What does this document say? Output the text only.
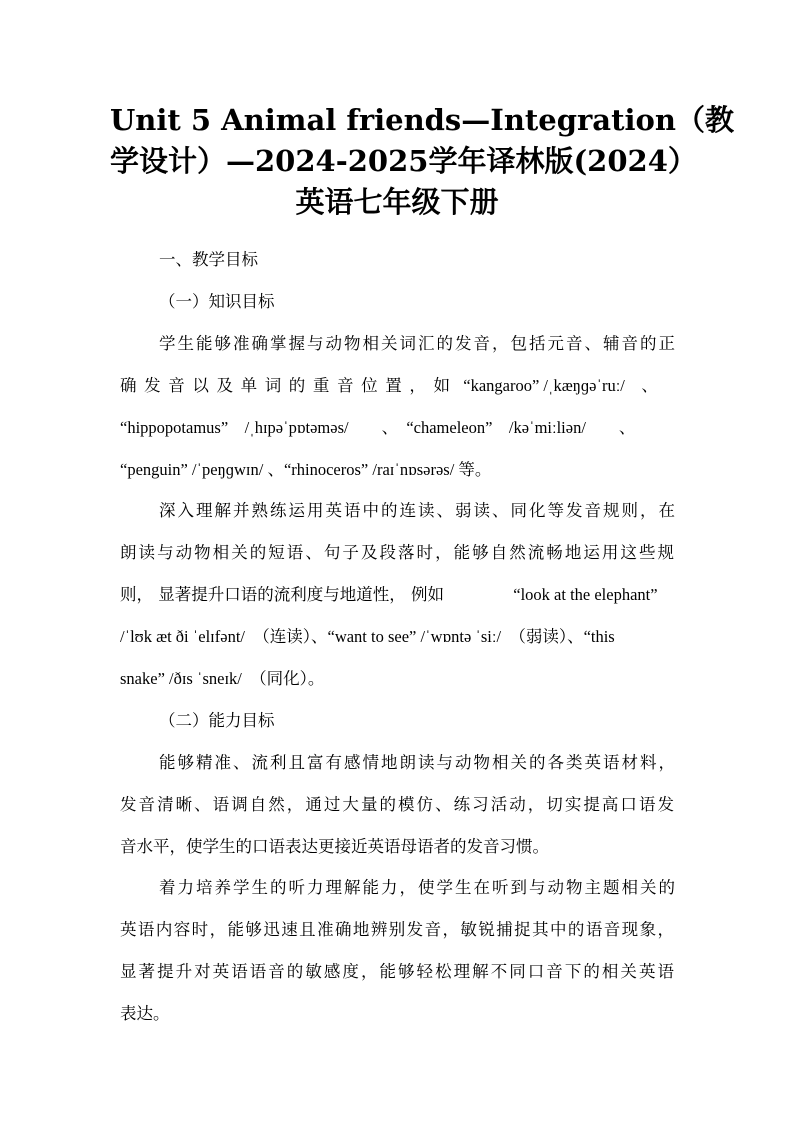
Unit 5 Animal friends—Integration（教
学设计）—2024-2025学年译林版(2024）
英语七年级下册

一、教学目标

（一）知识目标

学生能够准确掌握与动物相关词汇的发音，包括元音、辅音的正

确 发 音 以 及 单 词 的 重 音 位 置 ， 如 “kangaroo” /ˌkæŋɡəˈruː/　、

“hippopotamus”　/ˌhɪpəˈpɒtəməs/　　、　“chameleon”　/kəˈmiːliən/　　、

“penguin” /ˈpeŋɡwɪn/ 、“rhinoceros” /raɪˈnɒsərəs/ 等。

深入理解并熟练运用英语中的连读、弱读、同化等发音规则，在

朗读与动物相关的短语、句子及段落时，能够自然流畅地运用这些规

则， 显著提升口语的流利度与地道性， 例如	“look at the elephant”

/ˈlʊk æt ði ˈelɪfənt/　（连读）、“want to see” /ˈwɒntə ˈsiː/　（弱读）、“this

snake” /ðɪs ˈsneɪk/　（同化）。

（二）能力目标

能够精准、流利且富有感情地朗读与动物相关的各类英语材料，

发音清晰、语调自然，通过大量的模仿、练习活动，切实提高口语发

音水平，使学生的口语表达更接近英语母语者的发音习惯。

着力培养学生的听力理解能力，使学生在听到与动物主题相关的

英语内容时，能够迅速且准确地辨别发音，敏锐捕捉其中的语音现象，

显著提升对英语语音的敏感度，能够轻松理解不同口音下的相关英语

表达。
